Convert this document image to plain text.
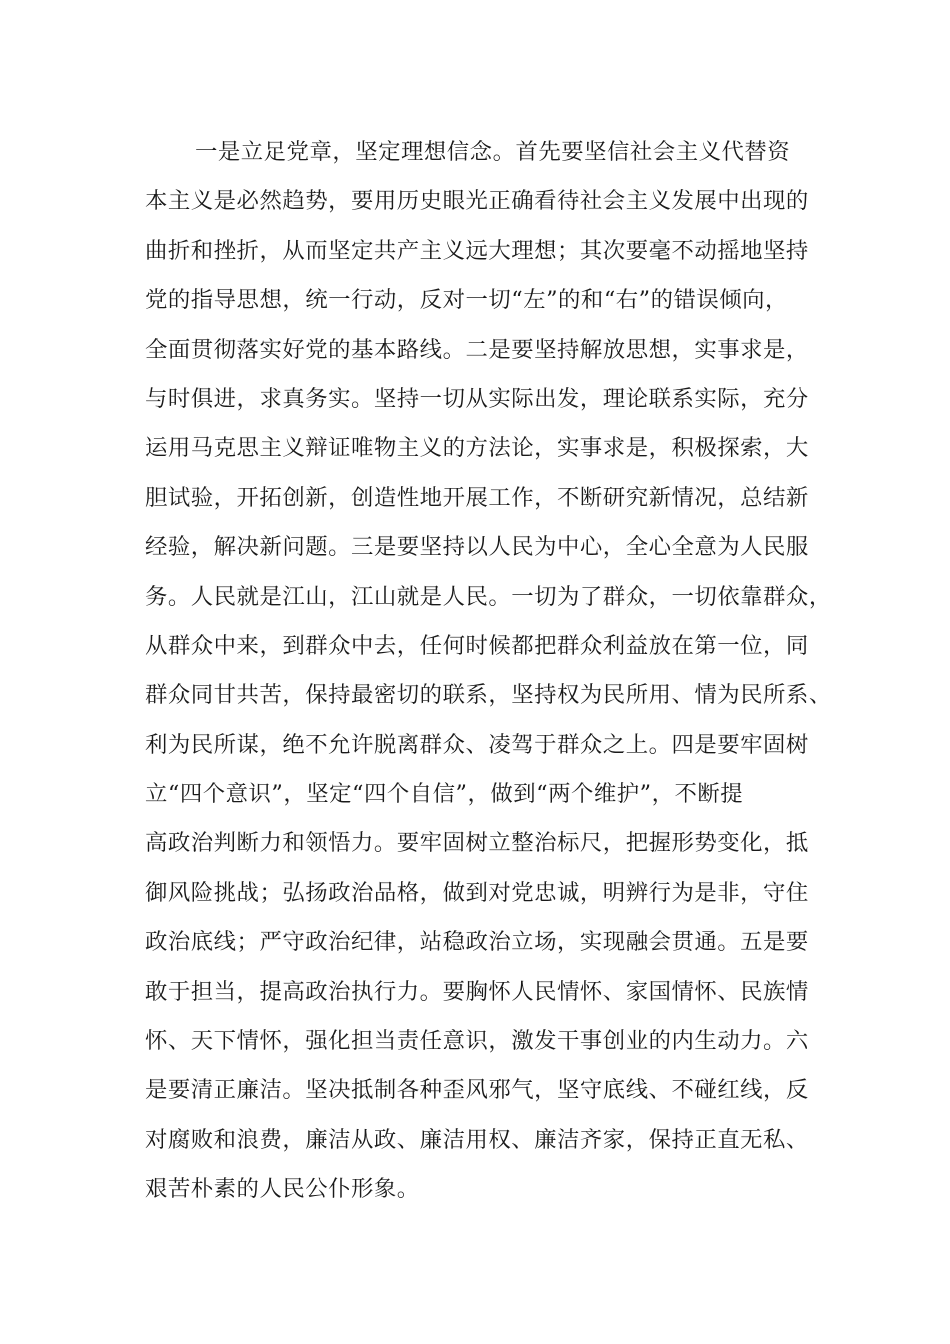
一是立足党章，坚定理想信念。首先要坚信社会主义代替资
本主义是必然趋势，要用历史眼光正确看待社会主义发展中出现的
曲折和挫折，从而坚定共产主义远大理想；其次要毫不动摇地坚持
党的指导思想，统一行动，反对一切“左”的和“右”的错误倾向，
全面贯彻落实好党的基本路线。二是要坚持解放思想，实事求是，
与时俱进，求真务实。坚持一切从实际出发，理论联系实际，充分
运用马克思主义辩证唯物主义的方法论，实事求是，积极探索，大
胆试验，开拓创新，创造性地开展工作，不断研究新情况，总结新
经验，解决新问题。三是要坚持以人民为中心，全心全意为人民服
务。人民就是江山，江山就是人民。一切为了群众，一切依靠群众，
从群众中来，到群众中去，任何时候都把群众利益放在第一位，同
群众同甘共苦，保持最密切的联系，坚持权为民所用、情为民所系、
利为民所谋，绝不允许脱离群众、凌驾于群众之上。四是要牢固树
立“四个意识”，坚定“四个自信”，做到“两个维护”，不断提
高政治判断力和领悟力。要牢固树立整治标尺，把握形势变化，抵
御风险挑战；弘扬政治品格，做到对党忠诚，明辨行为是非，守住
政治底线；严守政治纪律，站稳政治立场，实现融会贯通。五是要
敢于担当，提高政治执行力。要胸怀人民情怀、家国情怀、民族情
怀、天下情怀，强化担当责任意识，激发干事创业的内生动力。六
是要清正廉洁。坚决抵制各种歪风邪气，坚守底线、不碰红线，反
对腐败和浪费，廉洁从政、廉洁用权、廉洁齐家，保持正直无私、
艰苦朴素的人民公仆形象。
